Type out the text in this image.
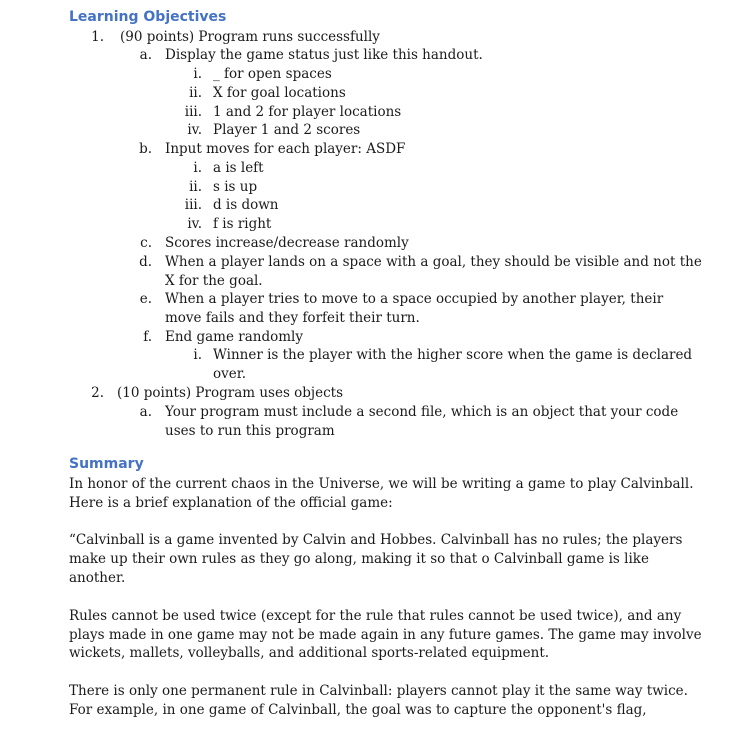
Learning Objectives
1. (90 points) Program runs successfully
a. Display the game status just like this handout.
i. _ for open spaces
ii. X for goal locations
iii. 1 and 2 for player locations
iv. Player 1 and 2 scores
b. Input moves for each player: ASDF
i. a is left
ii. s is up
iii. d is down
iv. f is right
c. Scores increase/decrease randomly
d. When a player lands on a space with a goal, they should be visible and not the
X for the goal.
e. When a player tries to move to a space occupied by another player, their
move fails and they forfeit their turn.
f. End game randomly
i. Winner is the player with the higher score when the game is declared
over.
2. (10 points) Program uses objects
a. Your program must include a second file, which is an object that your code
uses to run this program
Summary
In honor of the current chaos in the Universe, we will be writing a game to play Calvinball.
Here is a brief explanation of the official game:
“Calvinball is a game invented by Calvin and Hobbes. Calvinball has no rules; the players
make up their own rules as they go along, making it so that o Calvinball game is like
another.
Rules cannot be used twice (except for the rule that rules cannot be used twice), and any
plays made in one game may not be made again in any future games. The game may involve
wickets, mallets, volleyballs, and additional sports-related equipment.
There is only one permanent rule in Calvinball: players cannot play it the same way twice.
For example, in one game of Calvinball, the goal was to capture the opponent's flag,
